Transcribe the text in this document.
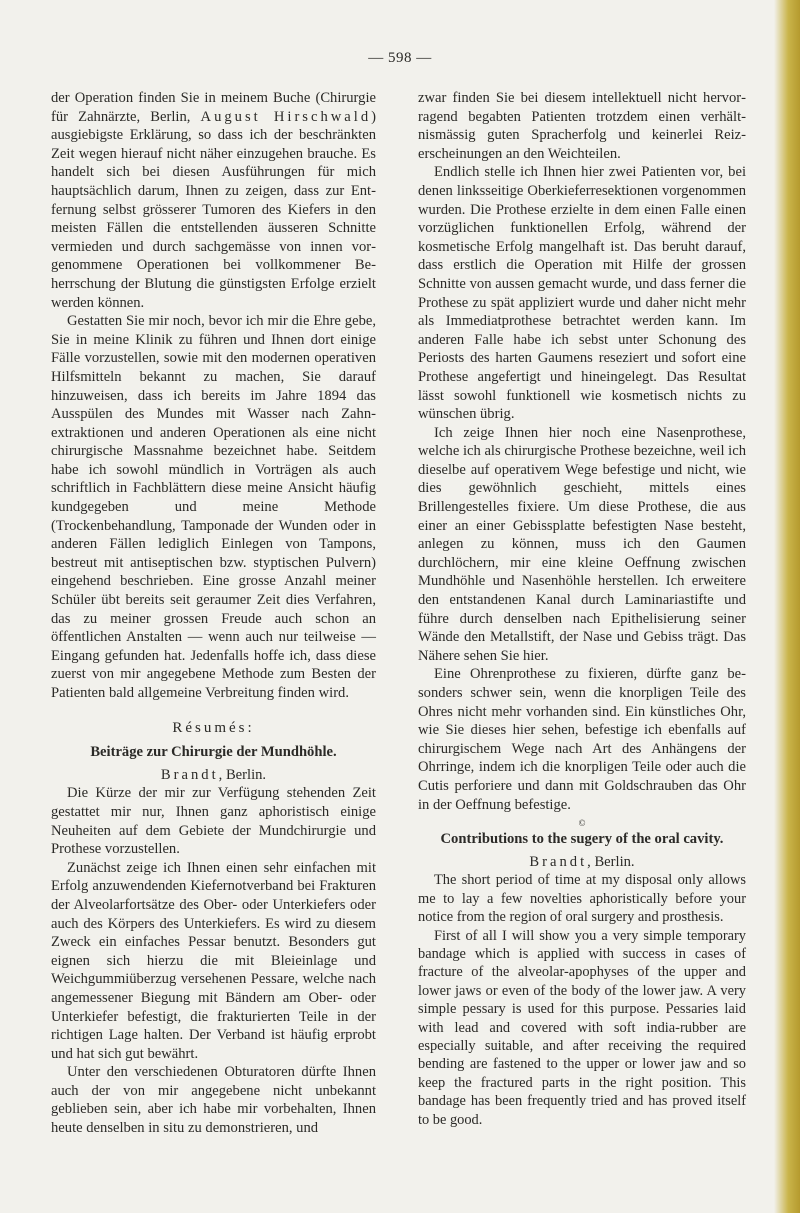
— 598 —

der Operation finden Sie in meinem Buche (Chirurgie für Zahnärzte, Berlin, August Hirschwald) ausgiebigste Erklärung, so dass ich der beschränkten Zeit wegen hierauf nicht näher einzugehen brauche. Es handelt sich bei diesen Ausführungen für mich hauptsächlich darum, Ihnen zu zeigen, dass zur Entfernung selbst grösserer Tumoren des Kiefers in den meisten Fällen die entstellenden äusseren Schnitte vermieden und durch sachgemässe von innen vorgenommene Operationen bei vollkommener Beherrschung der Blutung die günstigsten Erfolge erzielt werden können.

Gestatten Sie mir noch, bevor ich mir die Ehre gebe, Sie in meine Klinik zu führen und Ihnen dort einige Fälle vorzustellen, sowie mit den modernen operativen Hilfsmitteln bekannt zu machen, Sie darauf hinzuweisen, dass ich bereits im Jahre 1894 das Ausspülen des Mundes mit Wasser nach Zahnextraktionen und anderen Operationen als eine nicht chirurgische Massnahme bezeichnet habe. Seitdem habe ich sowohl mündlich in Vorträgen als auch schriftlich in Fachblättern diese meine Ansicht häufig kundgegeben und meine Methode (Trockenbehandlung, Tamponade der Wunden oder in anderen Fällen lediglich Einlegen von Tampons, bestreut mit antiseptischen bzw. styptischen Pulvern) eingehend beschrieben. Eine grosse Anzahl meiner Schüler übt bereits seit geraumer Zeit dies Verfahren, das zu meiner grossen Freude auch schon an öffentlichen Anstalten — wenn auch nur teilweise — Eingang gefunden hat. Jedenfalls hoffe ich, dass diese zuerst von mir angegebene Methode zum Besten der Patienten bald allgemeine Verbreitung finden wird.

Résumés:

Beiträge zur Chirurgie der Mundhöhle.

Brandt, Berlin.

Die Kürze der mir zur Verfügung stehenden Zeit gestattet mir nur, Ihnen ganz aphoristisch einige Neuheiten auf dem Gebiete der Mundchirurgie und Prothese vorzustellen.

Zunächst zeige ich Ihnen einen sehr einfachen mit Erfolg anzuwendenden Kiefernotverband bei Frakturen der Alveolarfortsätze des Ober- oder Unterkiefers oder auch des Körpers des Unterkiefers. Es wird zu diesem Zweck ein einfaches Pessar benutzt. Besonders gut eignen sich hierzu die mit Bleieinlage und Weichgummiüberzug versehenen Pessare, welche nach angemessener Biegung mit Bändern am Ober- oder Unterkiefer befestigt, die frakturierten Teile in der richtigen Lage halten. Der Verband ist häufig erprobt und hat sich gut bewährt.

Unter den verschiedenen Obturatoren dürfte Ihnen auch der von mir angegebene nicht unbekannt geblieben sein, aber ich habe mir vorbehalten, Ihnen heute denselben in situ zu demonstrieren, und

zwar finden Sie bei diesem intellektuell nicht hervorragend begabten Patienten trotzdem einen verhältnismässig guten Spracherfolg und keinerlei Reizerscheinungen an den Weichteilen.

Endlich stelle ich Ihnen hier zwei Patienten vor, bei denen linksseitige Oberkieferresektionen vorgenommen wurden. Die Prothese erzielte in dem einen Falle einen vorzüglichen funktionellen Erfolg, während der kosmetische Erfolg mangelhaft ist. Das beruht darauf, dass erstlich die Operation mit Hilfe der grossen Schnitte von aussen gemacht wurde, und dass ferner die Prothese zu spät appliziert wurde und daher nicht mehr als Immediatprothese betrachtet werden kann. Im anderen Falle habe ich sebst unter Schonung des Periosts des harten Gaumens reseziert und sofort eine Prothese angefertigt und hineingelegt. Das Resultat lässt sowohl funktionell wie kosmetisch nichts zu wünschen übrig.

Ich zeige Ihnen hier noch eine Nasenprothese, welche ich als chirurgische Prothese bezeichne, weil ich dieselbe auf operativem Wege befestige und nicht, wie dies gewöhnlich geschieht, mittels eines Brillengestelles fixiere. Um diese Prothese, die aus einer an einer Gebissplatte befestigten Nase besteht, anlegen zu können, muss ich den Gaumen durchlöchern, mir eine kleine Oeffnung zwischen Mundhöhle und Nasenhöhle herstellen. Ich erweitere den entstandenen Kanal durch Laminariastifte und führe durch denselben nach Epithelisierung seiner Wände den Metallstift, der Nase und Gebiss trägt. Das Nähere sehen Sie hier.

Eine Ohrenprothese zu fixieren, dürfte ganz besonders schwer sein, wenn die knorpligen Teile des Ohres nicht mehr vorhanden sind. Ein künstliches Ohr, wie Sie dieses hier sehen, befestige ich ebenfalls auf chirurgischem Wege nach Art des Anhängens der Ohrringe, indem ich die knorpligen Teile oder auch die Cutis perforiere und dann mit Goldschrauben das Ohr in der Oeffnung befestige.

©

Contributions to the sugery of the oral cavity.

Brandt, Berlin.

The short period of time at my disposal only allows me to lay a few novelties aphoristically before your notice from the region of oral surgery and prosthesis.

First of all I will show you a very simple temporary bandage which is applied with success in cases of fracture of the alveolar-apophyses of the upper and lower jaws or even of the body of the lower jaw. A very simple pessary is used for this purpose. Pessaries laid with lead and covered with soft india-rubber are especially suitable, and after receiving the required bending are fastened to the upper or lower jaw and so keep the fractured parts in the right position. This bandage has been frequently tried and has proved itself to be good.
